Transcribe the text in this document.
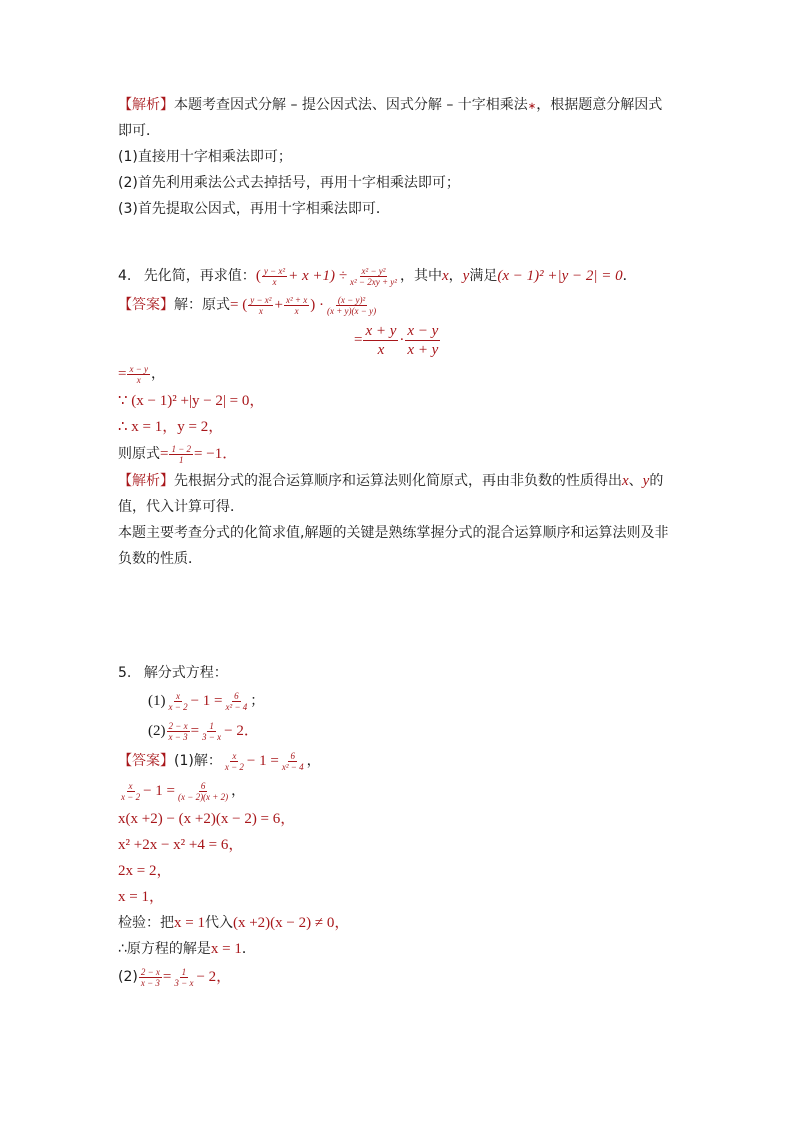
【解析】本题考查因式分解 – 提公因式法、因式分解 – 十字相乘法∗，根据题意分解因式
即可．
(1)直接用十字相乘法即可；
(2)首先利用乘法公式去掉括号，再用十字相乘法即可；
(3)首先提取公因式，再用十字相乘法即可．
4. 先化简，再求值：( $\frac{\text{y − x²}}{x} + x +1) \div \frac{\text{x² − y²}}{\text{x² − 2xy + y²}}$ ，其中x，y满足(x − 1)² +|y − 2| = 0．
【答案】解：原式= ( $\frac{\text{y − x²}}{x} + \frac{\text{x² + x}}{x}$ ) · $\frac{\text{(x − y)²}}{(x + y)(x - y)}$
= $\frac{x + y}{x} \cdot \frac{x - y}{x + y}$
= $\frac{x - y}{x}$ ，
∵ (x − 1)² +|y − 2| = 0，
∴ x = 1，y = 2，
则原式= $\frac{1 - 2}{1} = -1$．
【解析】先根据分式的混合运算顺序和运算法则化简原式，再由非负数的性质得出x、y的
值，代入计算可得．
本题主要考查分式的化简求值,解题的关键是熟练掌握分式的混合运算顺序和运算法则及非
负数的性质．
5. 解分式方程：
$(1) \frac{x}{x - 2} - 1 = \frac{6}{\text{x² − 4}}$ ；
$(2) \frac{2 - x}{x - 3} = \frac{1}{3 - x} - 2$．
【答案】(1)解： $\frac{x}{x - 2} - 1 = \frac{6}{\text{x² − 4}}$ ，
$\frac{x}{x - 2} - 1 = \frac{6}{(x - 2)(x + 2)}$ ，
x(x +2) − (x +2)(x − 2) = 6，
x² +2x − x² +4 = 6，
2x = 2，
x = 1，
检验：把x = 1代入(x +2)(x − 2) ≠ 0，
∴原方程的解是x = 1．
$(2) \frac{2 - x}{x - 3} = \frac{1}{3 - x} - 2$，
